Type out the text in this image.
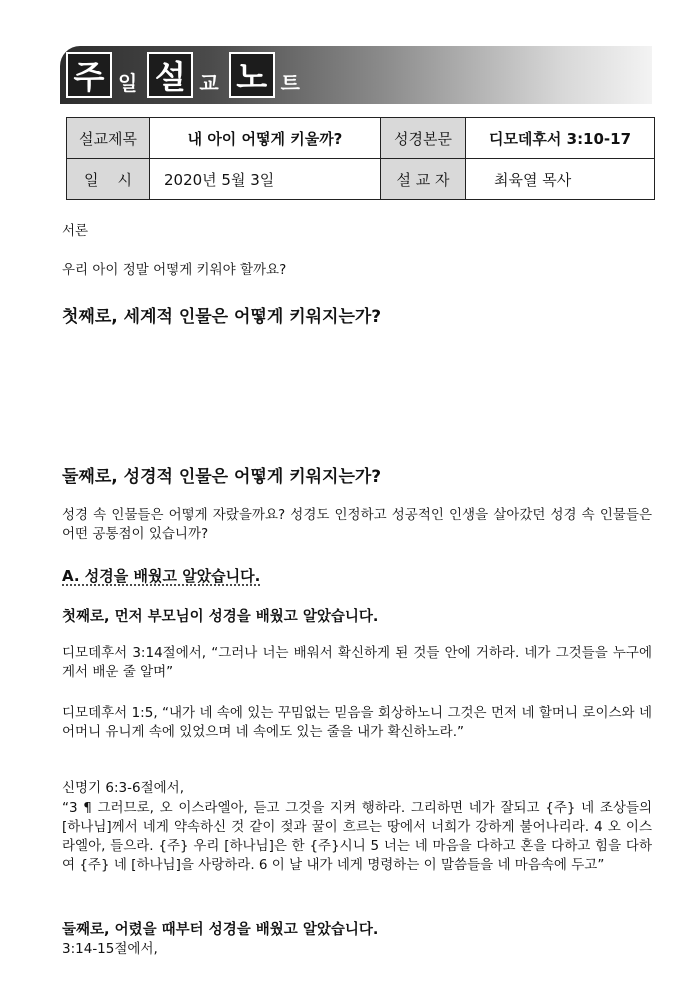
주 일 설 교 노 트
설교제목	내 아이 어떻게 키울까?	성경본문	디모데후서 3:10-17
일    시	2020년 5월 3일	설 교 자	최육열 목사
서론
우리 아이 정말 어떻게 키워야 할까요?
첫째로, 세계적 인물은 어떻게 키워지는가?
둘째로, 성경적 인물은 어떻게 키워지는가?
성경 속 인물들은 어떻게 자랐을까요? 성경도 인정하고 성공적인 인생을 살아갔던 성경 속 인물들은 어떤 공통점이 있습니까?
A. 성경을 배웠고 알았습니다.
첫째로, 먼저 부모님이 성경을 배웠고 알았습니다.
디모데후서 3:14절에서, “그러나 너는 배워서 확신하게 된 것들 안에 거하라. 네가 그것들을 누구에게서 배운 줄 알며”
디모데후서 1:5, “내가 네 속에 있는 꾸밈없는 믿음을 회상하노니 그것은 먼저 네 할머니 로이스와 네 어머니 유니게 속에 있었으며 네 속에도 있는 줄을 내가 확신하노라.”
신명기 6:3-6절에서,
“3 ¶ 그러므로, 오 이스라엘아, 듣고 그것을 지켜 행하라. 그리하면 네가 잘되고 {주} 네 조상들의 [하나님]께서 네게 약속하신 것 같이 젖과 꿀이 흐르는 땅에서 너희가 강하게 불어나리라. 4 오 이스라엘아, 들으라. {주} 우리 [하나님]은 한 {주}시니 5 너는 네 마음을 다하고 혼을 다하고 힘을 다하여 {주} 네 [하나님]을 사랑하라. 6 이 날 내가 네게 명령하는 이 말씀들을 네 마음속에 두고”
둘째로, 어렸을 때부터 성경을 배웠고 알았습니다.
3:14-15절에서,
